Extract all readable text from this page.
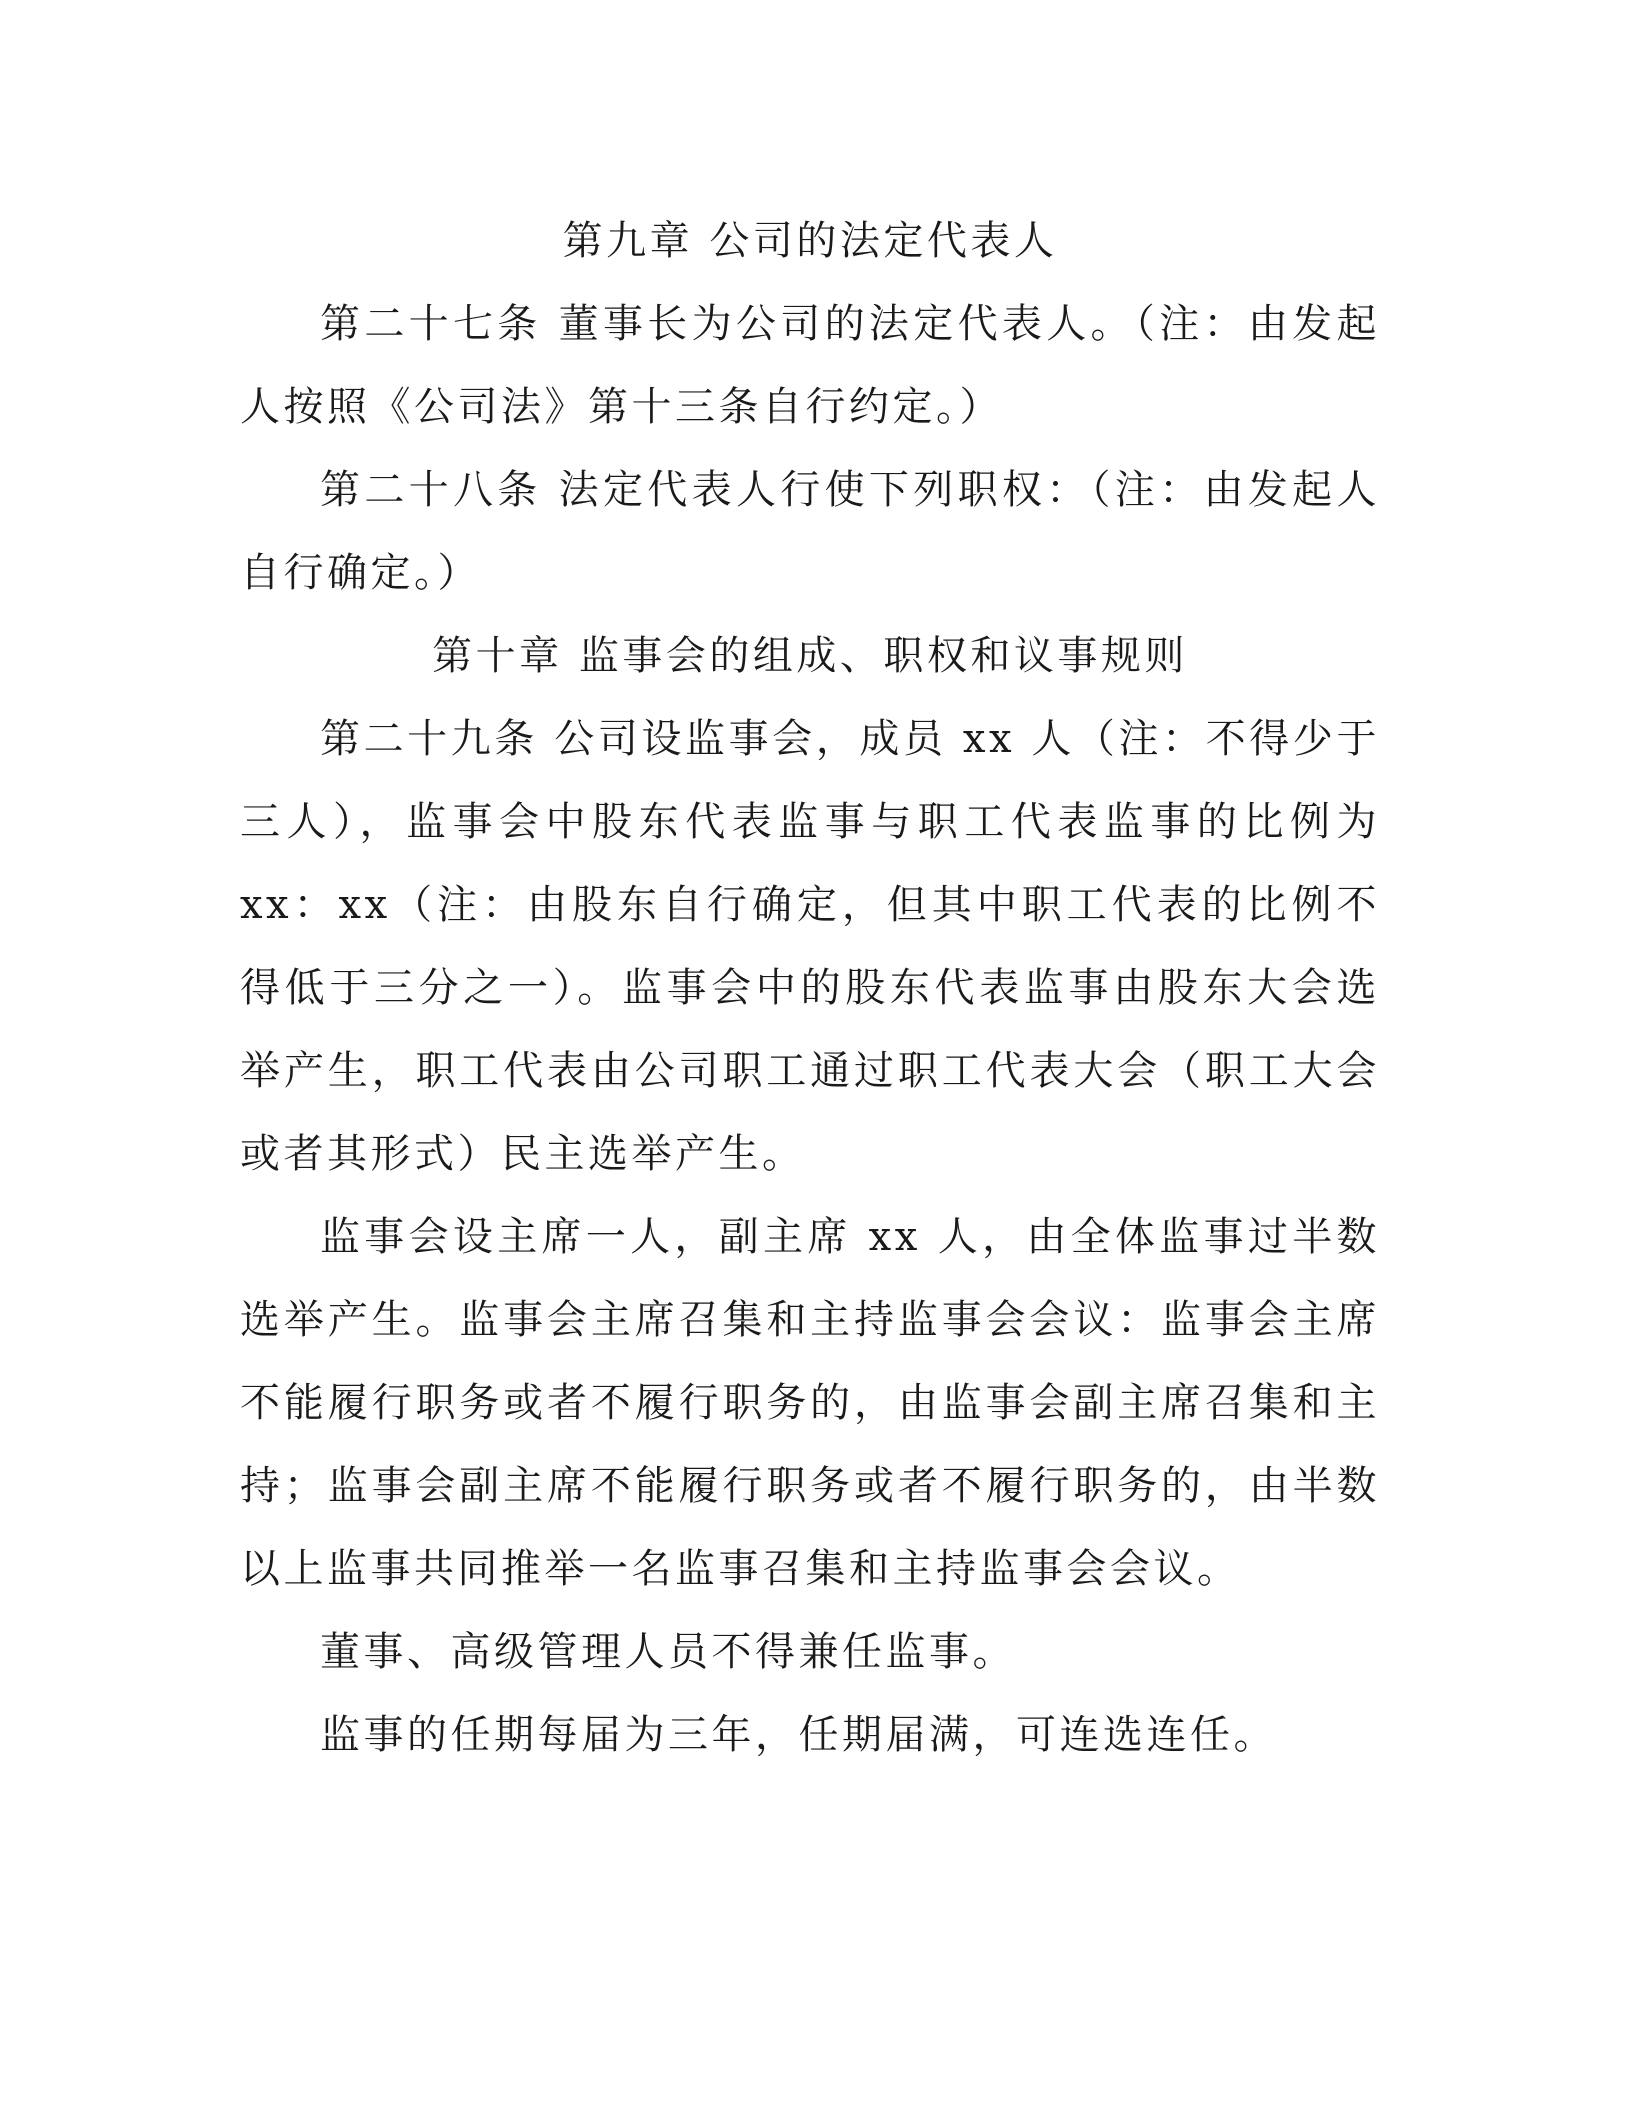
第九章 公司的法定代表人

第二十七条 董事长为公司的法定代表人。（注：由发起人按照《公司法》第十三条自行约定。）

第二十八条 法定代表人行使下列职权：（注：由发起人自行确定。）

第十章 监事会的组成、职权和议事规则

第二十九条 公司设监事会，成员 xx 人（注：不得少于三人），监事会中股东代表监事与职工代表监事的比例为 xx：xx（注：由股东自行确定，但其中职工代表的比例不得低于三分之一）。监事会中的股东代表监事由股东大会选举产生，职工代表由公司职工通过职工代表大会（职工大会或者其形式）民主选举产生。

监事会设主席一人，副主席 xx 人，由全体监事过半数选举产生。监事会主席召集和主持监事会会议：监事会主席不能履行职务或者不履行职务的，由监事会副主席召集和主持；监事会副主席不能履行职务或者不履行职务的，由半数以上监事共同推举一名监事召集和主持监事会会议。

董事、高级管理人员不得兼任监事。

监事的任期每届为三年，任期届满，可连选连任。
